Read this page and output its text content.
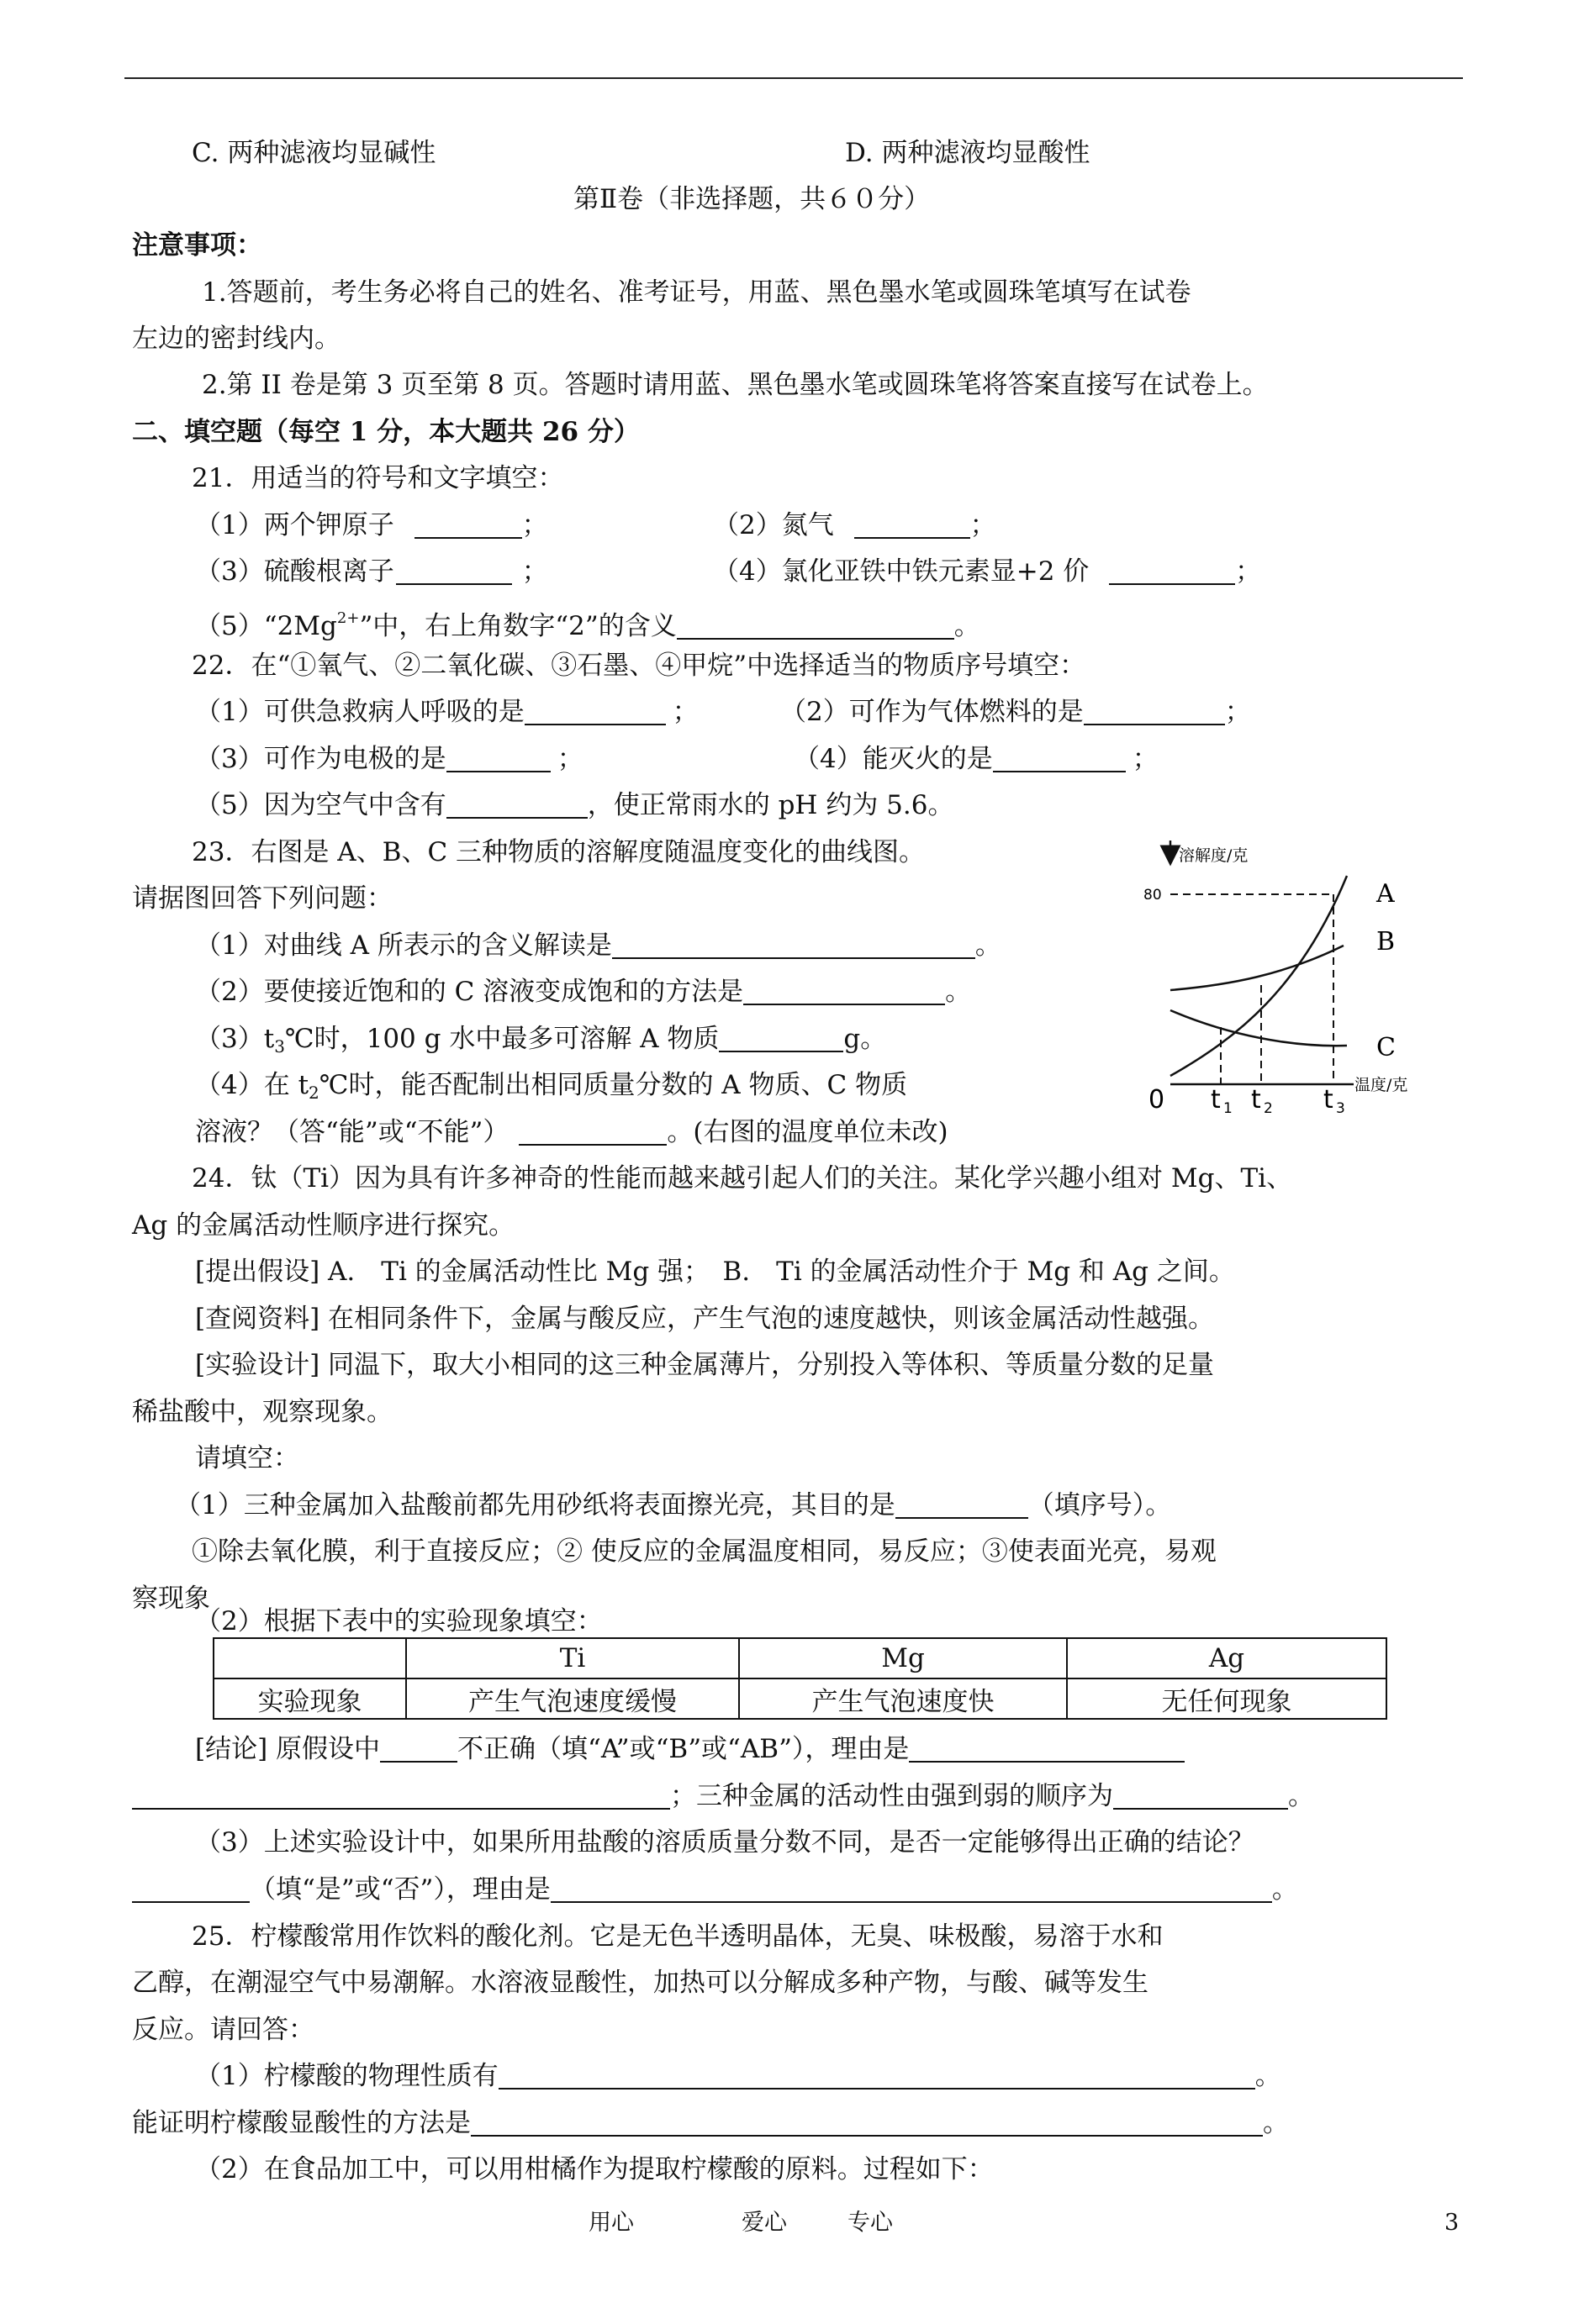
C. 两种滤液均显碱性	D. 两种滤液均显酸性
第Ⅱ卷（非选择题，共６０分）
注意事项：
1.答题前，考生务必将自己的姓名、准考证号，用蓝、黑色墨水笔或圆珠笔填写在试卷
左边的密封线内。
2.第 II 卷是第 3 页至第 8 页。答题时请用蓝、黑色墨水笔或圆珠笔将答案直接写在试卷上。
二、填空题（每空 1 分，本大题共 26 分）
21．用适当的符号和文字填空：
（1）两个钾原子	；	（2）氮气	；
（3）硫酸根离子	；	（4）氯化亚铁中铁元素显+2 价	；
$(5)“2Mg^{2+}$”中，右上角数字“2”的含义	。
22．在“①氧气、②二氧化碳、③石墨、④甲烷”中选择适当的物质序号填空：
（1）可供急救病人呼吸的是	；	（2）可作为气体燃料的是	；
（3）可作为电极的是	；	（4）能灭火的是	；
（5）因为空气中含有	，使正常雨水的 pH 约为 5.6。
23．右图是 A、B、C 三种物质的溶解度随温度变化的曲线图。
请据图回答下列问题：
（1）对曲线 A 所表示的含义解读是	。
（2）要使接近饱和的 C 溶液变成饱和的方法是	。
$(3)t_3℃$时，100 g 水中最多可溶解 A 物质	g。
（4）在 $t_2℃$时，能否配制出相同质量分数的 A 物质、C 物质
溶液？（答“能”或“不能”）	。(右图的温度单位未改)
溶解度/克
温度/克
80
0 t 1 t 2 t 3
A
B
C
24．钛（Ti）因为具有许多神奇的性能而越来越引起人们的关注。某化学兴趣小组对 Mg、Ti、
Ag 的金属活动性顺序进行探究。
[提出假设] A.　Ti 的金属活动性比 Mg 强；　B.　Ti 的金属活动性介于 Mg 和 Ag 之间。
[查阅资料] 在相同条件下，金属与酸反应，产生气泡的速度越快，则该金属活动性越强。
[实验设计] 同温下，取大小相同的这三种金属薄片，分别投入等体积、等质量分数的足量
稀盐酸中，观察现象。
请填空：
（1）三种金属加入盐酸前都先用砂纸将表面擦光亮，其目的是	（填序号）。
①除去氧化膜，利于直接反应；② 使反应的金属温度相同，易反应；③使表面光亮，易观
察现象
（2）根据下表中的实验现象填空：
	Ti	Mg	Ag
实验现象	产生气泡速度缓慢	产生气泡速度快	无任何现象
[结论] 原假设中	不正确（填“A”或“B”或“AB”），理由是
；三种金属的活动性由强到弱的顺序为	。
（3）上述实验设计中，如果所用盐酸的溶质质量分数不同，是否一定能够得出正确的结论？
（填“是”或“否”），理由是	。
25．柠檬酸常用作饮料的酸化剂。它是无色半透明晶体，无臭、味极酸，易溶于水和
乙醇，在潮湿空气中易潮解。水溶液显酸性，加热可以分解成多种产物，与酸、碱等发生
反应。请回答：
（1）柠檬酸的物理性质有	。
能证明柠檬酸显酸性的方法是	。
（2）在食品加工中，可以用柑橘作为提取柠檬酸的原料。过程如下：
用心	爱心	专心	3
